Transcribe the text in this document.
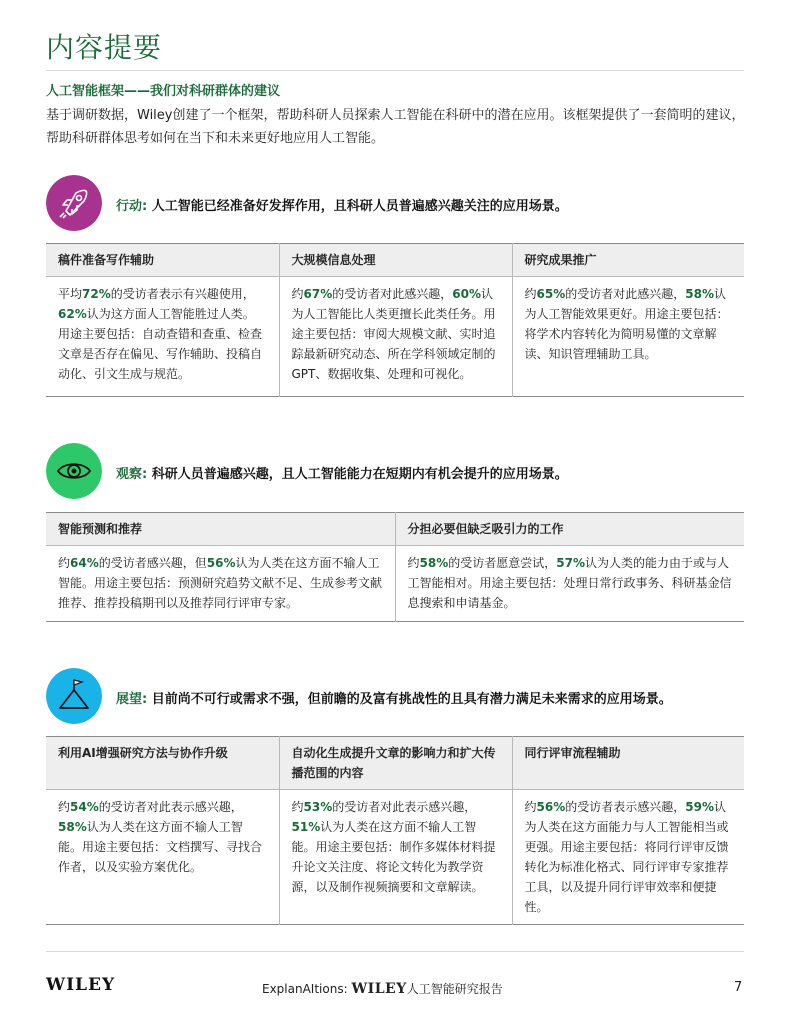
内容提要
人工智能框架——我们对科研群体的建议
基于调研数据，Wiley创建了一个框架，帮助科研人员探索人工智能在科研中的潜在应用。该框架提供了一套简明的建议，帮助科研群体思考如何在当下和未来更好地应用人工智能。
行动: 人工智能已经准备好发挥作用，且科研人员普遍感兴趣关注的应用场景。
稿件准备写作辅助	大规模信息处理	研究成果推广
平均72%的受访者表示有兴趣使用，62%认为这方面人工智能胜过人类。用途主要包括：自动查错和查重、检查文章是否存在偏见、写作辅助、投稿自动化、引文生成与规范。	约67%的受访者对此感兴趣，60%认为人工智能比人类更擅长此类任务。用途主要包括：审阅大规模文献、实时追踪最新研究动态、所在学科领域定制的GPT、数据收集、处理和可视化。	约65%的受访者对此感兴趣，58%认为人工智能效果更好。用途主要包括：将学术内容转化为简明易懂的文章解读、知识管理辅助工具。
观察: 科研人员普遍感兴趣，且人工智能能力在短期内有机会提升的应用场景。
智能预测和推荐	分担必要但缺乏吸引力的工作
约64%的受访者感兴趣，但56%认为人类在这方面不输人工智能。用途主要包括：预测研究趋势文献不足、生成参考文献推荐、推荐投稿期刊以及推荐同行评审专家。	约58%的受访者愿意尝试，57%认为人类的能力由于或与人工智能相对。用途主要包括：处理日常行政事务、科研基金信息搜索和申请基金。
展望: 目前尚不可行或需求不强，但前瞻的及富有挑战性的且具有潜力满足未来需求的应用场景。
利用AI增强研究方法与协作升级	自动化生成提升文章的影响力和扩大传播范围的内容	同行评审流程辅助
约54%的受访者对此表示感兴趣，58%认为人类在这方面不输人工智能。用途主要包括：文档撰写、寻找合作者，以及实验方案优化。	约53%的受访者对此表示感兴趣，51%认为人类在这方面不输人工智能。用途主要包括：制作多媒体材料提升论文关注度、将论文转化为教学资源，以及制作视频摘要和文章解读。	约56%的受访者表示感兴趣，59%认为人类在这方面能力与人工智能相当或更强。用途主要包括：将同行评审反馈转化为标准化格式、同行评审专家推荐工具，以及提升同行评审效率和便捷性。
WILEY	ExplanAItions: WILEY人工智能研究报告	7
